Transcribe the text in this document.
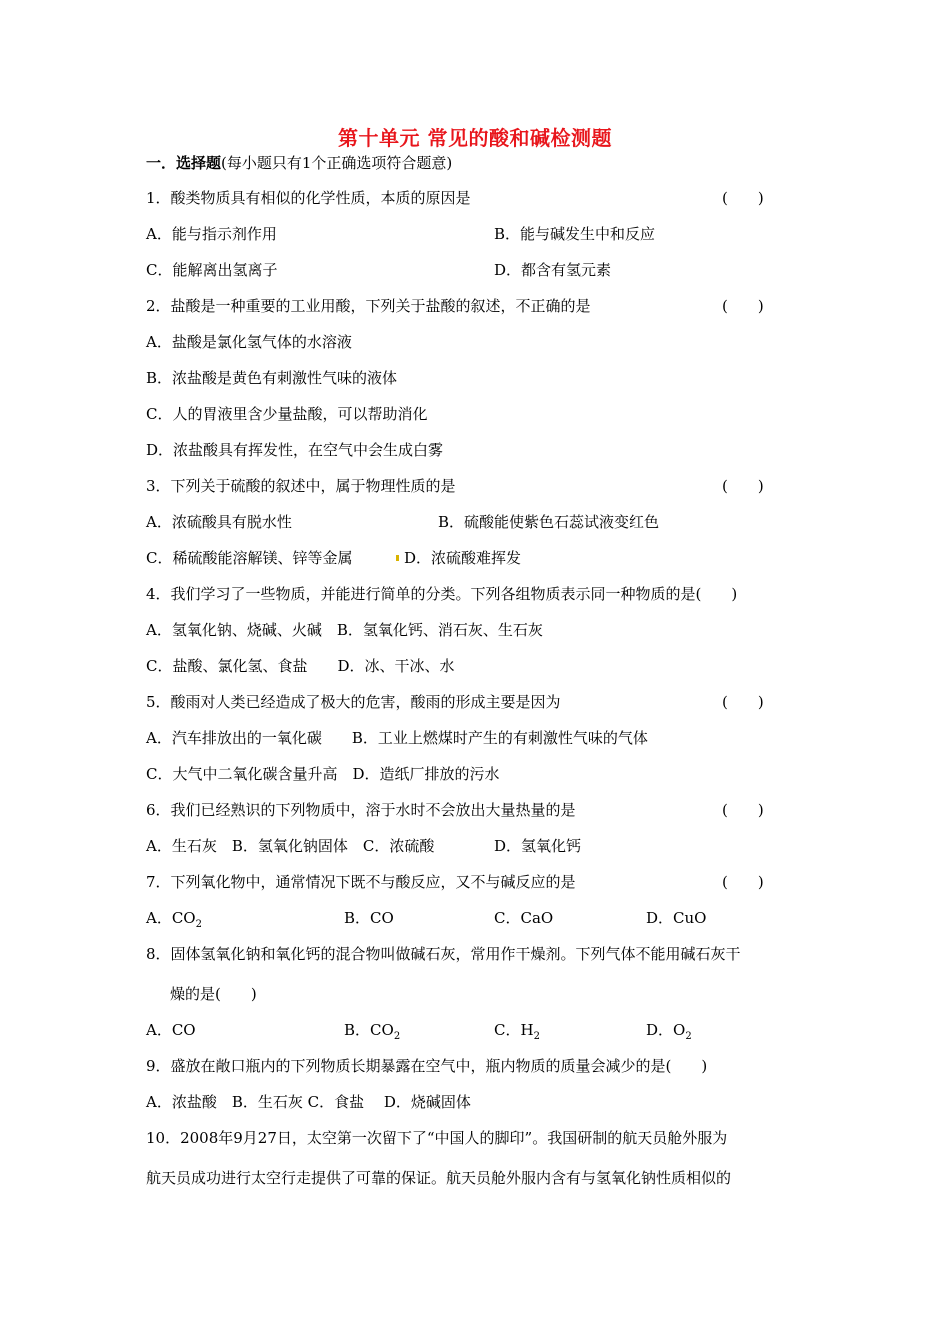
第十单元 常见的酸和碱检测题
一．选择题(每小题只有1个正确选项符合题意)
1．酸类物质具有相似的化学性质，本质的原因是	(　　)
A．能与指示剂作用	B．能与碱发生中和反应
C．能解离出氢离子	D．都含有氢元素
2．盐酸是一种重要的工业用酸，下列关于盐酸的叙述，不正确的是	(　　)
A．盐酸是氯化氢气体的水溶液
B．浓盐酸是黄色有刺激性气味的液体
C．人的胃液里含少量盐酸，可以帮助消化
D．浓盐酸具有挥发性，在空气中会生成白雾
3．下列关于硫酸的叙述中，属于物理性质的是	(　　)
A．浓硫酸具有脱水性	B．硫酸能使紫色石蕊试液变红色
C．稀硫酸能溶解镁、锌等金属	D．浓硫酸难挥发
4．我们学习了一些物质，并能进行简单的分类。下列各组物质表示同一种物质的是(　　)
A．氢氧化钠、烧碱、火碱　B．氢氧化钙、消石灰、生石灰
C．盐酸、氯化氢、食盐　　D．冰、干冰、水
5．酸雨对人类已经造成了极大的危害，酸雨的形成主要是因为	(　　)
A．汽车排放出的一氧化碳　　B．工业上燃煤时产生的有刺激性气味的气体
C．大气中二氧化碳含量升高　D．造纸厂排放的污水
6．我们已经熟识的下列物质中，溶于水时不会放出大量热量的是	(　　)
A．生石灰　B．氢氧化钠固体　C．浓硫酸	D．氢氧化钙
7．下列氧化物中，通常情况下既不与酸反应，又不与碱反应的是	(　　)
A．$CO_2$	B．CO	C．CaO	D．CuO
8．固体氢氧化钠和氧化钙的混合物叫做碱石灰，常用作干燥剂。下列气体不能用碱石灰干
燥的是(　　)
A．CO	B．$CO_2$	C．$H_2$	D．$O_2$
9．盛放在敞口瓶内的下列物质长期暴露在空气中，瓶内物质的质量会减少的是(　　)
A．浓盐酸　B．生石灰 C．食盐　 D．烧碱固体
10．2008年9月27日，太空第一次留下了“中国人的脚印”。我国研制的航天员舱外服为
航天员成功进行太空行走提供了可靠的保证。航天员舱外服内含有与氢氧化钠性质相似的
